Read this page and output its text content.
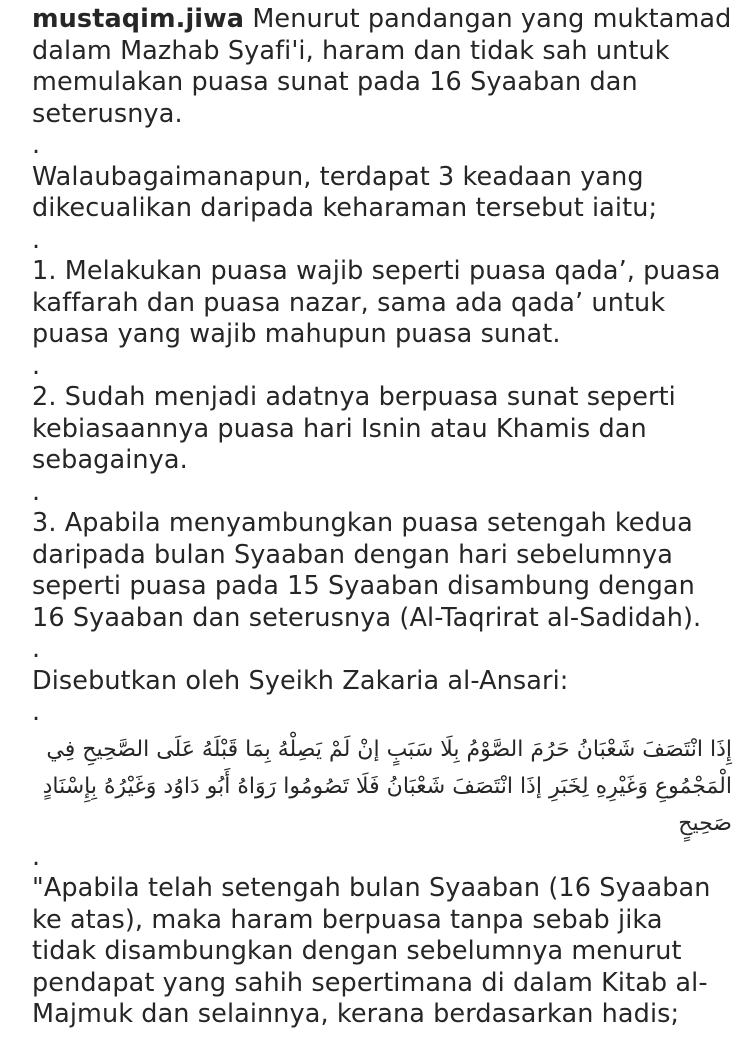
mustaqim.jiwa Menurut pandangan yang muktamad dalam Mazhab Syafi'i, haram dan tidak sah untuk memulakan puasa sunat pada 16 Syaaban dan seterusnya.

.

Walaubagaimanapun, terdapat 3 keadaan yang dikecualikan daripada keharaman tersebut iaitu;

.

1. Melakukan puasa wajib seperti puasa qada’, puasa kaffarah dan puasa nazar, sama ada qada’ untuk puasa yang wajib mahupun puasa sunat.

.

2. Sudah menjadi adatnya berpuasa sunat seperti kebiasaannya puasa hari Isnin atau Khamis dan sebagainya.

.

3. Apabila menyambungkan puasa setengah kedua daripada bulan Syaaban dengan hari sebelumnya seperti puasa pada 15 Syaaban disambung dengan 16 Syaaban dan seterusnya (Al-Taqrirat al-Sadidah).

.

Disebutkan oleh Syeikh Zakaria al-Ansari:

.

إِذَا انْتَصَفَ شَعْبَانُ حَرُمَ الصَّوْمُ بِلَا سَبَبٍ إنْ لَمْ يَصِلْهُ بِمَا قَبْلَهُ عَلَى الصَّحِيحِ فِي الْمَجْمُوعِ وَغَيْرِهِ لِخَبَرِ إذَا انْتَصَفَ شَعْبَانُ فَلَا تَصُومُوا رَوَاهُ أَبُو دَاوُد وَغَيْرُهُ بِإِسْنَادٍ صَحِيحٍ

.

"Apabila telah setengah bulan Syaaban (16 Syaaban ke atas), maka haram berpuasa tanpa sebab jika tidak disambungkan dengan sebelumnya menurut pendapat yang sahih sepertimana di dalam Kitab al-Majmuk dan selainnya, kerana berdasarkan hadis;
